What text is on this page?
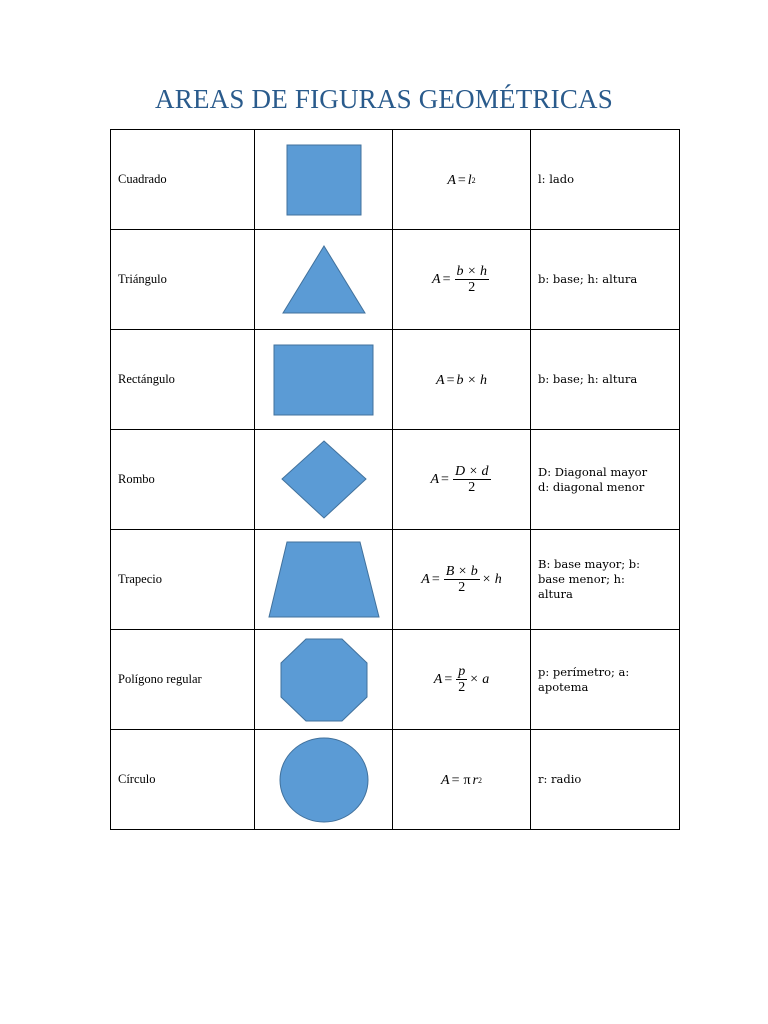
AREAS DE FIGURAS GEOMÉTRICAS
Cuadrado		A = l 2	l: lado

Triángulo		$A = \frac{b \times h}{2}$	b: base; h: altura

Rectángulo		A = b × h	b: base; h: altura

Rombo		$A = \frac{D \times d}{2}$	D: Diagonal mayor
d: diagonal menor

Trapecio		$A = \frac{B \times b}{2} \times h$	B: base mayor; b:
base menor; h:
altura

Polígono regular		$A = \frac{p}{2} \times a$	p: perímetro; a:
apotema

Círculo		A = π r 2	r: radio
